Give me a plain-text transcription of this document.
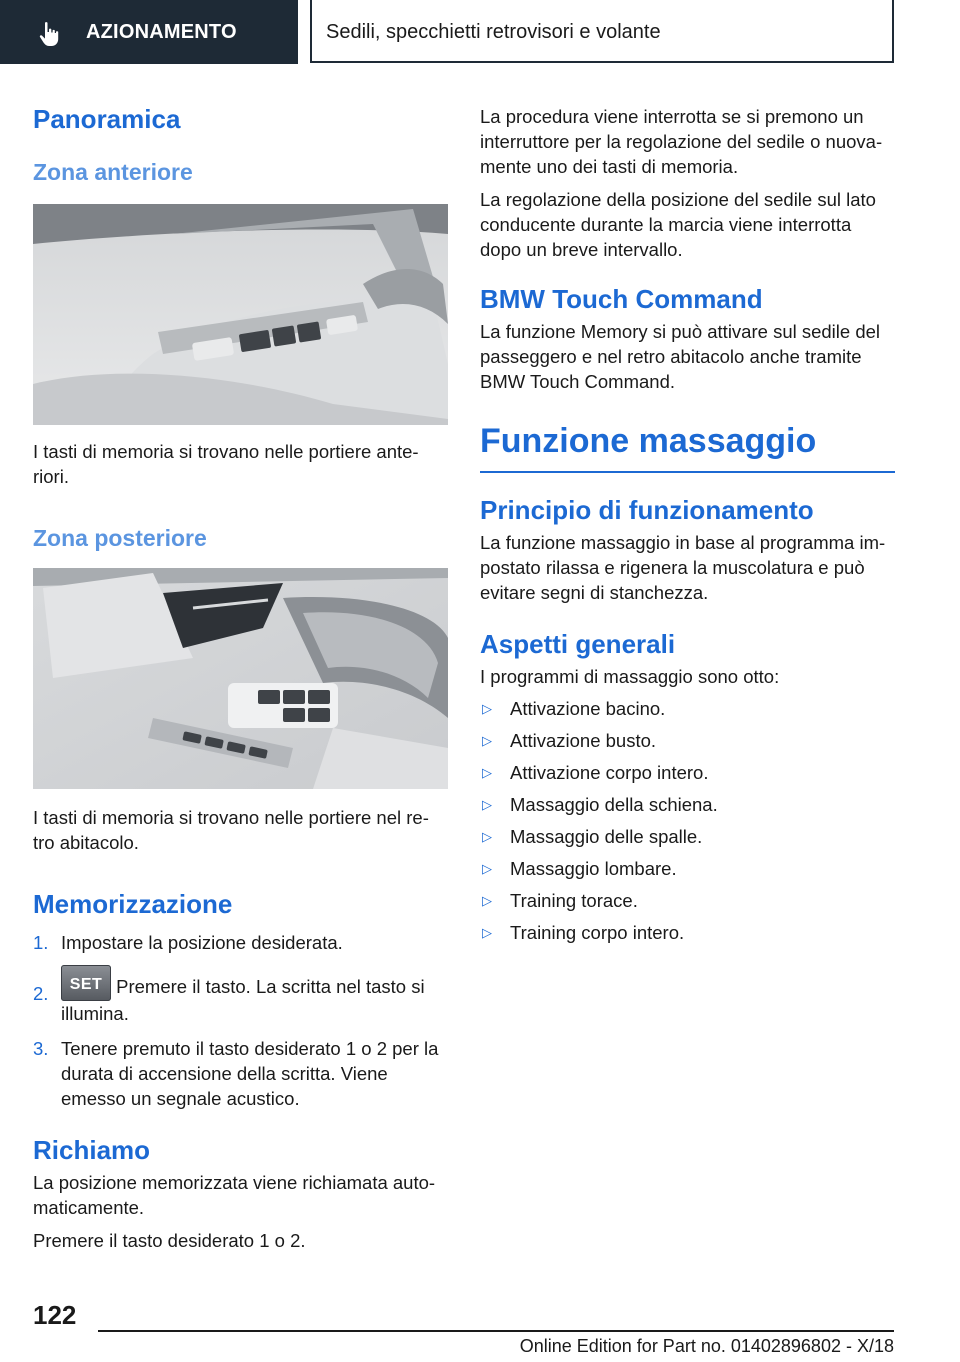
AZIONAMENTO	Sedili, specchietti retrovisori e volante
Panoramica
Zona anteriore

I tasti di memoria si trovano nelle portiere ante-riori.

Zona posteriore

I tasti di memoria si trovano nelle portiere nel re-tro abitacolo.

Memorizzazione
1. Impostare la posizione desiderata.
2.	SET Premere il tasto. La scritta nel tasto si illumina.
3. Tenere premuto il tasto desiderato 1 o 2 per la durata di accensione della scritta. Viene emesso un segnale acustico.
Richiamo

La posizione memorizzata viene richiamata auto-maticamente.

Premere il tasto desiderato 1 o 2.

La procedura viene interrotta se si premono un interruttore per la regolazione del sedile o nuova-mente uno dei tasti di memoria.

La regolazione della posizione del sedile sul lato conducente durante la marcia viene interrotta dopo un breve intervallo.

BMW Touch Command

La funzione Memory si può attivare sul sedile del passeggero e nel retro abitacolo anche tramite BMW Touch Command.

Funzione massaggio
Principio di funzionamento

La funzione massaggio in base al programma im-postato rilassa e rigenera la muscolatura e può evitare segni di stanchezza.

Aspetti generali

I programmi di massaggio sono otto:

▷ Attivazione bacino.
▷ Attivazione busto.
▷ Attivazione corpo intero.
▷ Massaggio della schiena.
▷ Massaggio delle spalle.
▷ Massaggio lombare.
▷ Training torace.
▷ Training corpo intero.
122
Online Edition for Part no. 01402896802 - X/18
